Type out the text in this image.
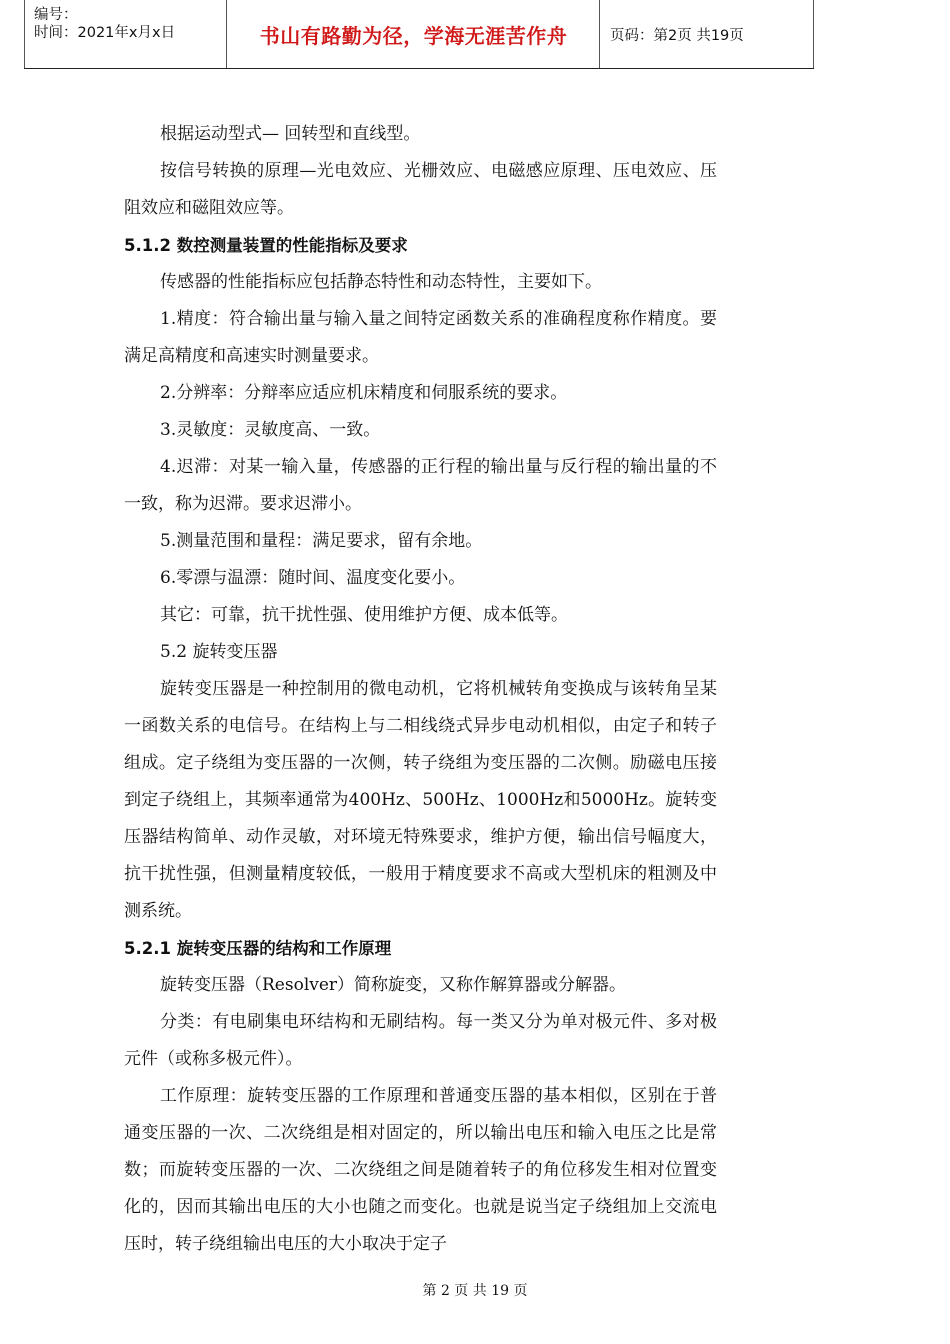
编号：
时间：2021年x月x日	书山有路勤为径，学海无涯苦作舟	页码：第2页 共19页

根据运动型式— 回转型和直线型。

按信号转换的原理—光电效应、光栅效应、电磁感应原理、压电效应、压阻效应和磁阻效应等。

5.1.2 数控测量装置的性能指标及要求

传感器的性能指标应包括静态特性和动态特性，主要如下。

1.精度：符合输出量与输入量之间特定函数关系的准确程度称作精度。要满足高精度和高速实时测量要求。

2.分辨率：分辩率应适应机床精度和伺服系统的要求。

3.灵敏度：灵敏度高、一致。

4.迟滞：对某一输入量，传感器的正行程的输出量与反行程的输出量的不一致，称为迟滞。要求迟滞小。

5.测量范围和量程：满足要求，留有余地。

6.零漂与温漂：随时间、温度变化要小。

其它：可靠，抗干扰性强、使用维护方便、成本低等。

5.2 旋转变压器

旋转变压器是一种控制用的微电动机，它将机械转角变换成与该转角呈某一函数关系的电信号。在结构上与二相线绕式异步电动机相似，由定子和转子组成。定子绕组为变压器的一次侧，转子绕组为变压器的二次侧。励磁电压接到定子绕组上，其频率通常为400Hz、500Hz、1000Hz和5000Hz。旋转变压器结构简单、动作灵敏，对环境无特殊要求，维护方便，输出信号幅度大，抗干扰性强，但测量精度较低，一般用于精度要求不高或大型机床的粗测及中测系统。

5.2.1 旋转变压器的结构和工作原理

旋转变压器（Resolver）简称旋变，又称作解算器或分解器。

分类：有电刷集电环结构和无刷结构。每一类又分为单对极元件、多对极元件（或称多极元件）。

工作原理：旋转变压器的工作原理和普通变压器的基本相似，区别在于普通变压器的一次、二次绕组是相对固定的，所以输出电压和输入电压之比是常数；而旋转变压器的一次、二次绕组之间是随着转子的角位移发生相对位置变化的，因而其输出电压的大小也随之而变化。也就是说当定子绕组加上交流电压时，转子绕组输出电压的大小取决于定子

第 2 页 共 19 页
